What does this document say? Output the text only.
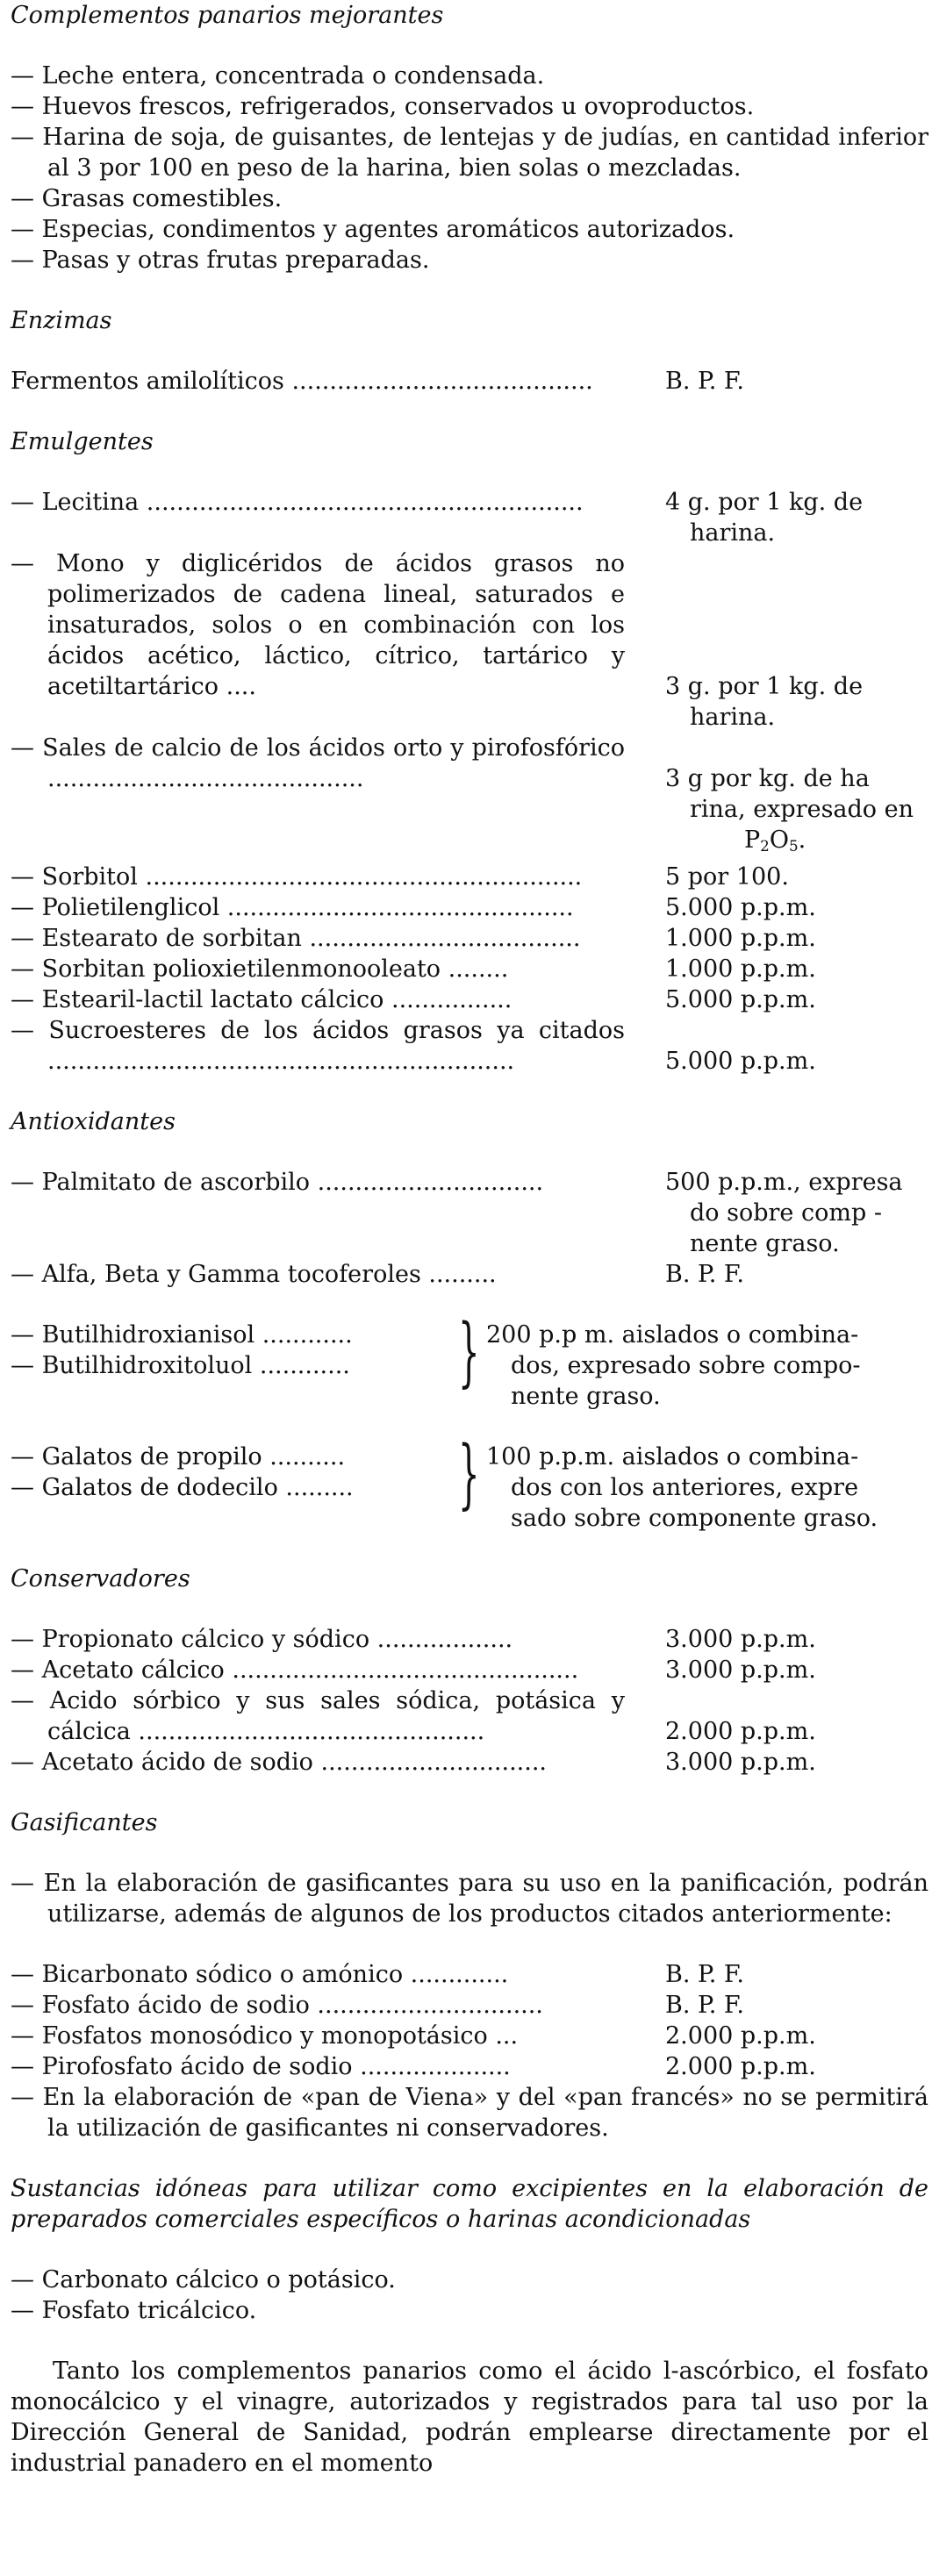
Complementos panarios mejorantes

— Leche entera, concentrada o condensada.

— Huevos frescos, refrigerados, conservados u ovoproductos.

— Harina de soja, de guisantes, de lentejas y de judías, en cantidad inferior al 3 por 100 en peso de la harina, bien solas o mezcladas.

— Grasas comestibles.

— Especias, condimentos y agentes aromáticos autorizados.

— Pasas y otras frutas preparadas.

Enzimas

Fermentos amilolíticos ........................................	B. P. F.

Emulgentes

— Lecitina ..........................................................	4 g. por 1 kg. de
harina.
— Mono y diglicéridos de ácidos grasos no polimerizados de cadena lineal, saturados e insaturados, solos o en combinación con los ácidos acético, láctico, cítrico, tartárico y acetiltartárico ....	3 g. por 1 kg. de
harina.
— Sales de calcio de los ácidos orto y pirofosfórico ..........................................	3 g por kg. de ha
rina, expresado en
$P_2O_5$.
— Sorbitol ..........................................................	5 por 100.
— Polietilenglicol ..............................................	5.000 p.p.m.
— Estearato de sorbitan ....................................	1.000 p.p.m.
— Sorbitan polioxietilenmonooleato ........	1.000 p.p.m.
— Estearil-lactil lactato cálcico ................	5.000 p.p.m.
— Sucroesteres de los ácidos grasos ya citados ..............................................................	5.000 p.p.m.

Antioxidantes

— Palmitato de ascorbilo ..............................	500 p.p.m., expresa
do sobre comp -
nente graso.
— Alfa, Beta y Gamma tocoferoles .........	B. P. F.
— Butilhidroxianisol ............
— Butilhidroxitoluol ............	} 200 p.p m. aislados o combina-
dos, expresado sobre compo-
nente graso.
— Galatos de propilo ..........
— Galatos de dodecilo .........	} 100 p.p.m. aislados o combina-
dos con los anteriores, expre
sado sobre componente graso.

Conservadores

— Propionato cálcico y sódico ..................	3.000 p.p.m.
— Acetato cálcico ..............................................	3.000 p.p.m.
— Acido sórbico y sus sales sódica, potásica y cálcica ..............................................	2.000 p.p.m.
— Acetato ácido de sodio ..............................	3.000 p.p.m.

Gasificantes

— En la elaboración de gasificantes para su uso en la panificación, podrán utilizarse, además de algunos de los productos citados anteriormente:

— Bicarbonato sódico o amónico .............	B. P. F.
— Fosfato ácido de sodio ..............................	B. P. F.
— Fosfatos monosódico y monopotásico ...	2.000 p.p.m.
— Pirofosfato ácido de sodio ....................	2.000 p.p.m.

— En la elaboración de «pan de Viena» y del «pan francés» no se permitirá la utilización de gasificantes ni conservadores.

Sustancias idóneas para utilizar como excipientes en la elaboración de preparados comerciales específicos o harinas acondicionadas

— Carbonato cálcico o potásico.

— Fosfato tricálcico.

Tanto los complementos panarios como el ácido l-ascórbico, el fosfato monocálcico y el vinagre, autorizados y registrados para tal uso por la Dirección General de Sanidad, podrán emplearse directamente por el industrial panadero en el momento
